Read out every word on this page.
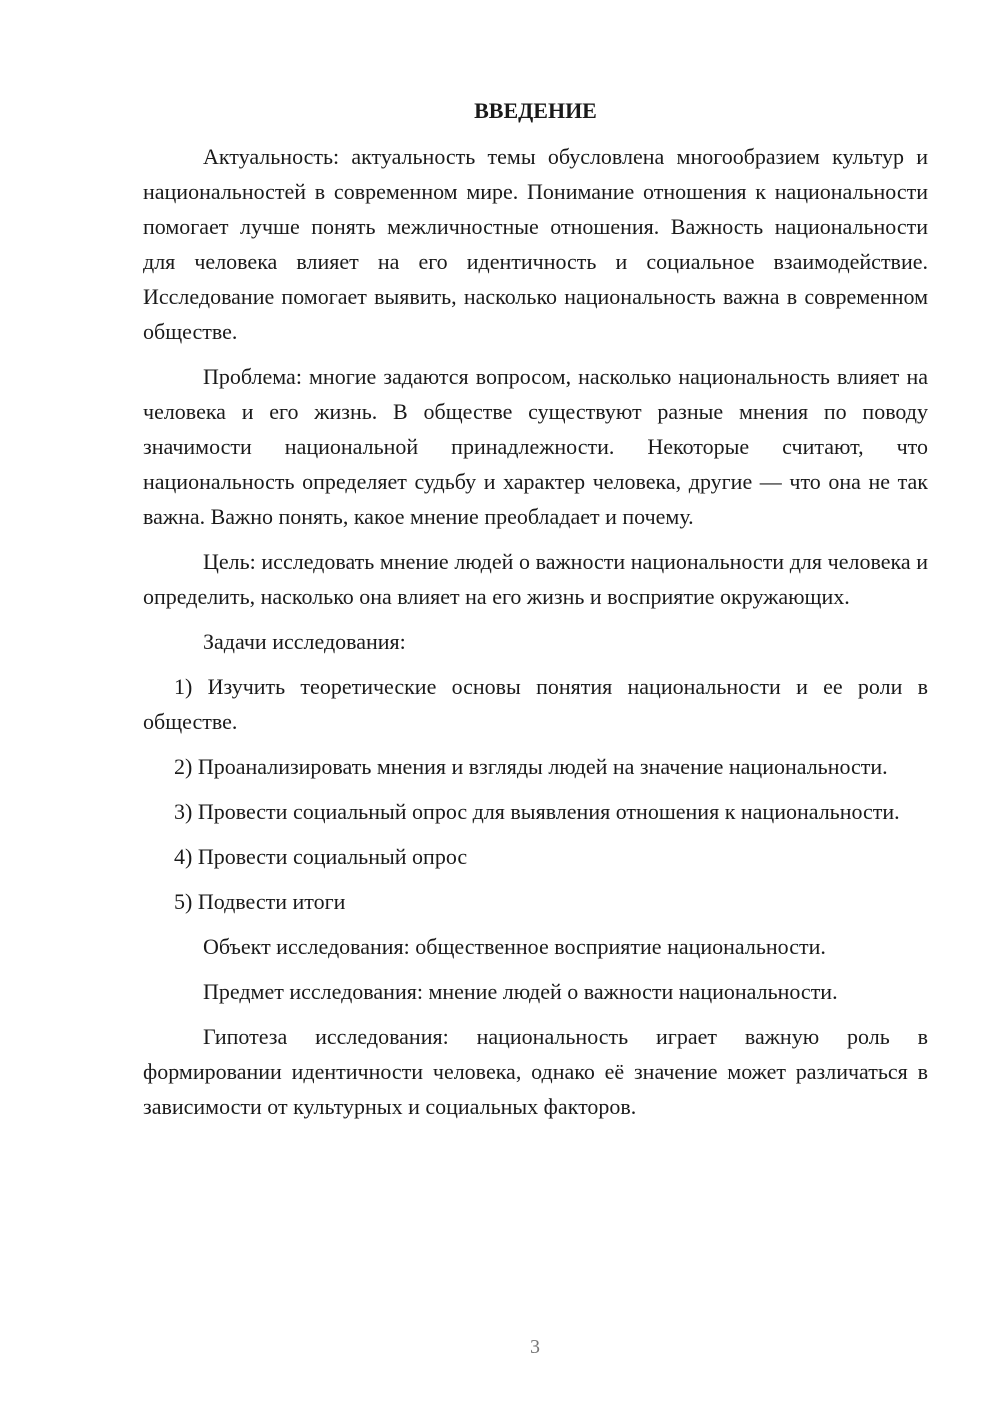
ВВЕДЕНИЕ

Актуальность: актуальность темы обусловлена многообразием культур и национальностей в современном мире. Понимание отношения к национальности помогает лучше понять межличностные отношения. Важность национальности для человека влияет на его идентичность и социальное взаимодействие. Исследование помогает выявить, насколько национальность важна в современном обществе.

Проблема: многие задаются вопросом, насколько национальность влияет на человека и его жизнь. В обществе существуют разные мнения по поводу значимости национальной принадлежности. Некоторые считают, что национальность определяет судьбу и характер человека, другие — что она не так важна. Важно понять, какое мнение преобладает и почему.

Цель: исследовать мнение людей о важности национальности для человека и определить, насколько она влияет на его жизнь и восприятие окружающих.

Задачи исследования:

1) Изучить теоретические основы понятия национальности и ее роли в обществе.

2) Проанализировать мнения и взгляды людей на значение национальности.

3) Провести социальный опрос для выявления отношения к национальности.

4) Провести социальный опрос

5) Подвести итоги

Объект исследования: общественное восприятие национальности.

Предмет исследования: мнение людей о важности национальности.

Гипотеза исследования: национальность играет важную роль в формировании идентичности человека, однако её значение может различаться в зависимости от культурных и социальных факторов.

3
